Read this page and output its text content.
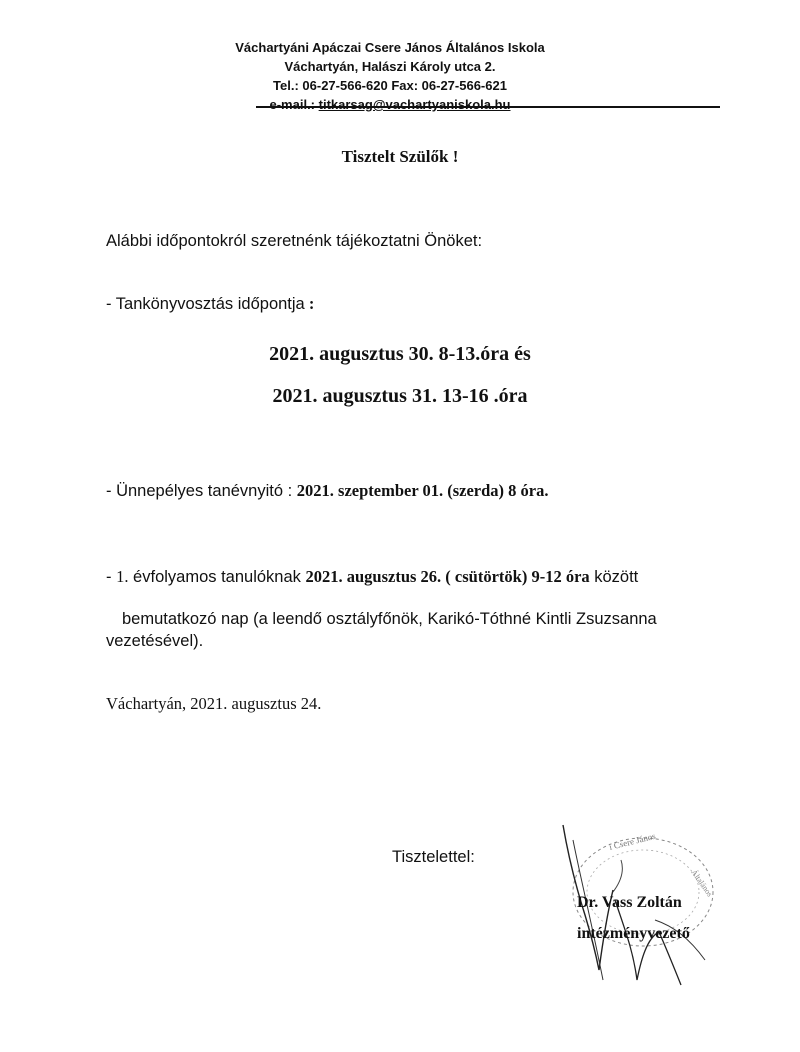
Váchartyáni Apáczai Csere János Általános Iskola
Váchartyán, Halászi Károly utca 2.
Tel.: 06-27-566-620 Fax: 06-27-566-621
e-mail.: titkarsag@vachartyaniskola.hu
Tisztelt Szülők !
Alábbi időpontokról szeretnénk tájékoztatni Önöket:
- Tankönyvosztás időpontja :
2021. augusztus 30. 8-13.óra és
2021. augusztus 31. 13-16 .óra
- Ünnepélyes tanévnyitó : 2021. szeptember 01. (szerda) 8 óra.
- 1. évfolyamos tanulóknak 2021. augusztus 26. ( csütörtök) 9-12 óra között
bemutatkozó nap (a leendő osztályfőnök, Karikó-Tóthné Kintli Zsuzsanna
vezetésével).
Váchartyán, 2021. augusztus 24.
Tisztelettel:
i Csere János
Általános
Dr. Vass Zoltán
intézményvezető
